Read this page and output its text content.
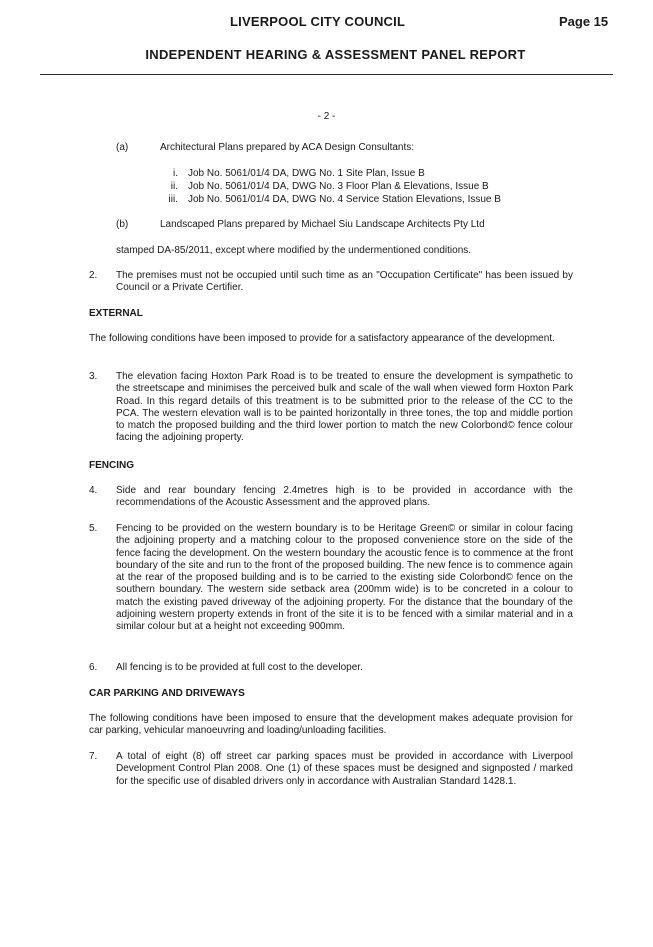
LIVERPOOL CITY COUNCIL	Page 15
INDEPENDENT HEARING & ASSESSMENT PANEL REPORT
- 2 -
(a)	Architectural Plans prepared by ACA Design Consultants:
i. Job No. 5061/01/4 DA, DWG No. 1 Site Plan, Issue B
ii. Job No. 5061/01/4 DA, DWG No. 3 Floor Plan & Elevations, Issue B
iii. Job No. 5061/01/4 DA, DWG No. 4 Service Station Elevations, Issue B
(b)	Landscaped Plans prepared by Michael Siu Landscape Architects Pty Ltd
stamped DA-85/2011, except where modified by the undermentioned conditions.
2. The premises must not be occupied until such time as an "Occupation Certificate" has been issued by Council or a Private Certifier.
EXTERNAL
The following conditions have been imposed to provide for a satisfactory appearance of the development.
3. The elevation facing Hoxton Park Road is to be treated to ensure the development is sympathetic to the streetscape and minimises the perceived bulk and scale of the wall when viewed form Hoxton Park Road. In this regard details of this treatment is to be submitted prior to the release of the CC to the PCA. The western elevation wall is to be painted horizontally in three tones, the top and middle portion to match the proposed building and the third lower portion to match the new Colorbond© fence colour facing the adjoining property.
FENCING
4. Side and rear boundary fencing 2.4metres high is to be provided in accordance with the recommendations of the Acoustic Assessment and the approved plans.
5. Fencing to be provided on the western boundary is to be Heritage Green© or similar in colour facing the adjoining property and a matching colour to the proposed convenience store on the side of the fence facing the development. On the western boundary the acoustic fence is to commence at the front boundary of the site and run to the front of the proposed building. The new fence is to commence again at the rear of the proposed building and is to be carried to the existing side Colorbond© fence on the southern boundary. The western side setback area (200mm wide) is to be concreted in a colour to match the existing paved driveway of the adjoining property. For the distance that the boundary of the adjoining western property extends in front of the site it is to be fenced with a similar material and in a similar colour but at a height not exceeding 900mm.
6. All fencing is to be provided at full cost to the developer.
CAR PARKING AND DRIVEWAYS
The following conditions have been imposed to ensure that the development makes adequate provision for car parking, vehicular manoeuvring and loading/unloading facilities.
7. A total of eight (8) off street car parking spaces must be provided in accordance with Liverpool Development Control Plan 2008. One (1) of these spaces must be designed and signposted / marked for the specific use of disabled drivers only in accordance with Australian Standard 1428.1.
